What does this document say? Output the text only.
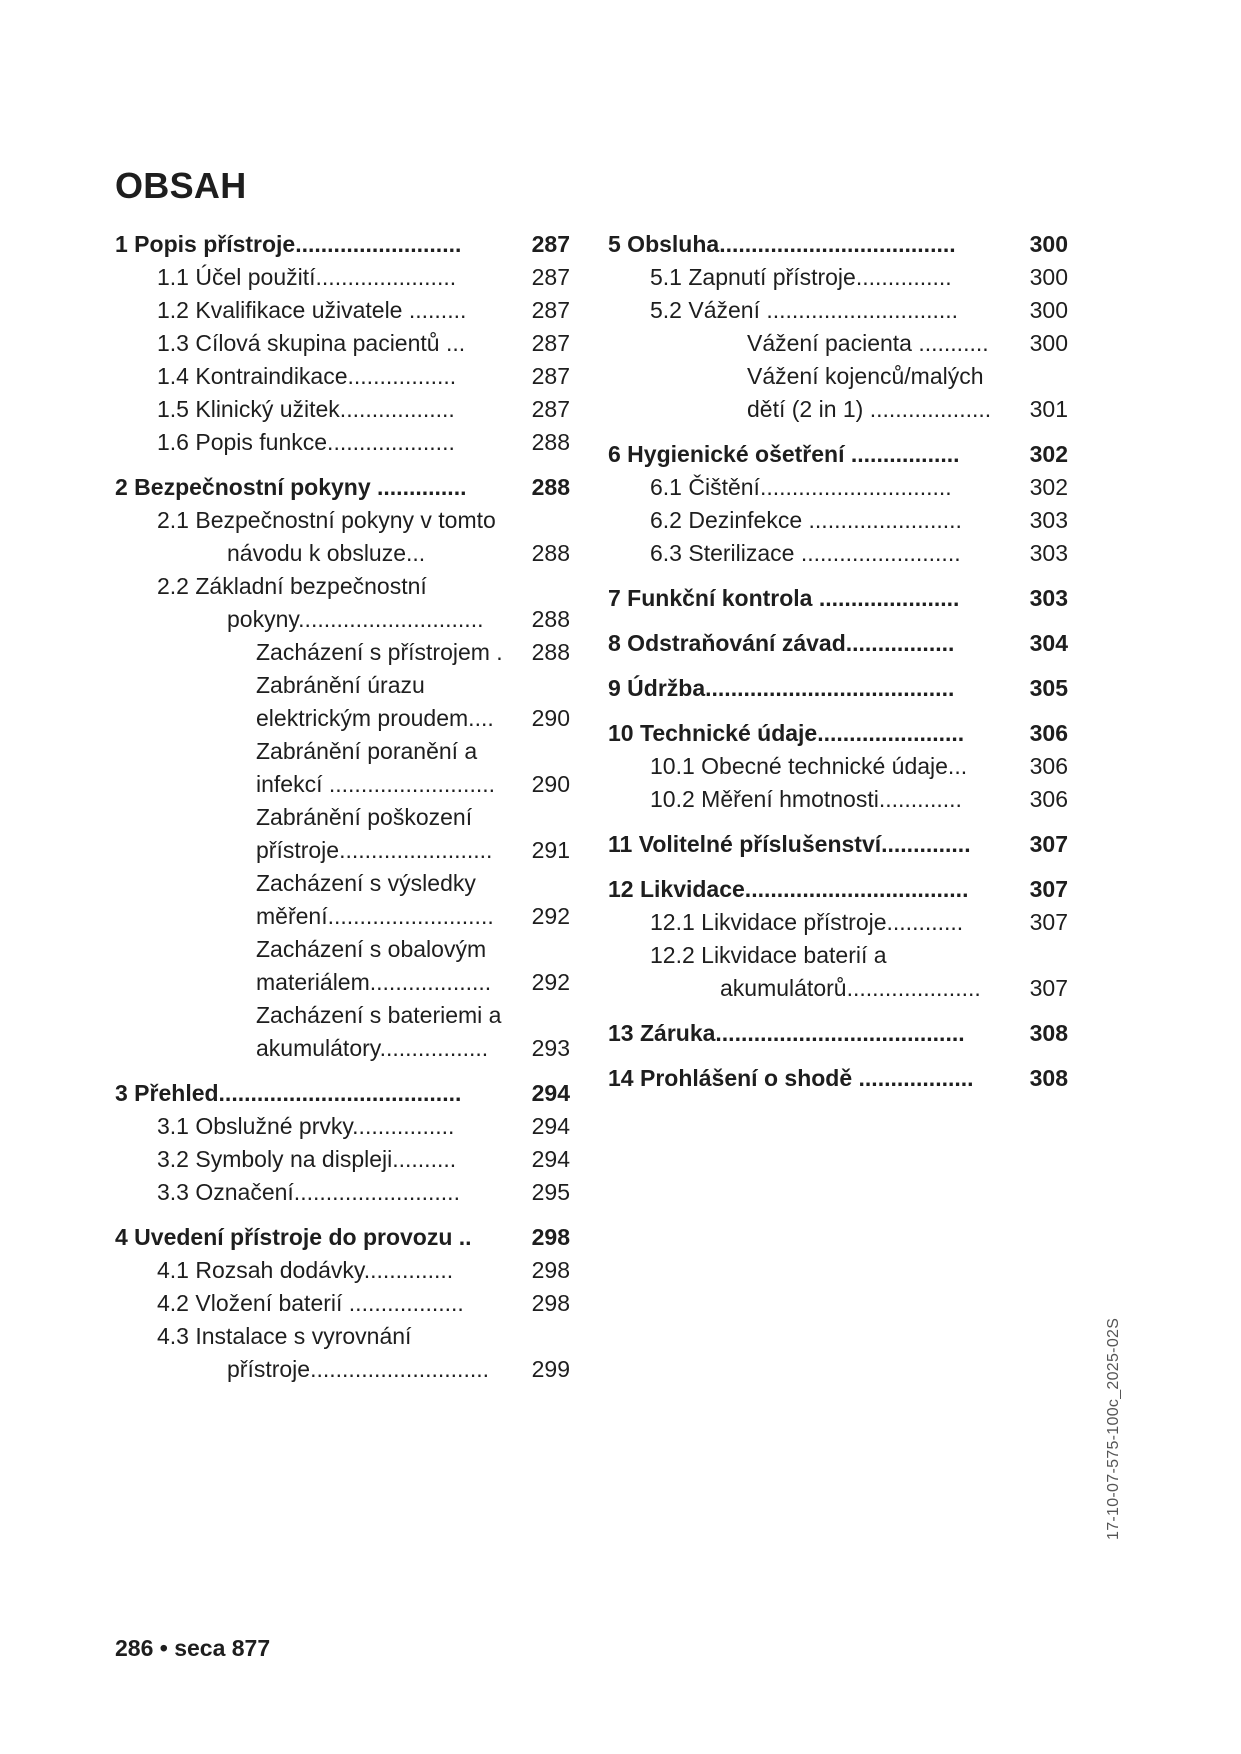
OBSAH
1 Popis přístroje..........................	287
1.1 Účel použití......................	287
1.2 Kvalifikace uživatele .........	287
1.3 Cílová skupina pacientů ...	287
1.4 Kontraindikace.................	287
1.5 Klinický užitek..................	287
1.6 Popis funkce....................	288
2 Bezpečnostní pokyny ..............	288
2.1 Bezpečnostní pokyny v tomto návodu k obsluze...	288
2.2 Základní bezpečnostní pokyny............................. 288
Zacházení s přístrojem . 288
Zabránění úrazu elektrickým proudem.... 290
Zabránění poranění a infekcí .......................... 290
Zabránění poškození přístroje........................ 291
Zacházení s výsledky měření.......................... 292
Zacházení s obalovým materiálem................... 292
Zacházení s bateriemi a akumulátory................. 293
3 Přehled......................................	294
3.1 Obslužné prvky................	294
3.2 Symboly na displeji..........	294
3.3 Označení..........................	295
4 Uvedení přístroje do provozu ..	298
4.1 Rozsah dodávky..............	298
4.2 Vložení baterií ..................	298
4.3 Instalace s vyrovnání přístroje............................ 299
5 Obsluha.....................................	300
5.1 Zapnutí přístroje...............	300
5.2 Vážení ..............................	300
Vážení pacienta ........... 300
Vážení kojenců/malých dětí (2 in 1) ................... 301
6 Hygienické ošetření .................	302
6.1 Čištění..............................	302
6.2 Dezinfekce ........................	303
6.3 Sterilizace .........................	303
7 Funkční kontrola ......................	303
8 Odstraňování závad.................	304
9 Údržba.......................................	305
10 Technické údaje.......................	306
10.1 Obecné technické údaje...	306
10.2 Měření hmotnosti.............	306
11 Volitelné příslušenství..............	307
12 Likvidace...................................	307
12.1 Likvidace přístroje............	307
12.2 Likvidace baterií a akumulátorů..................... 307
13 Záruka.......................................	308
14 Prohlášení o shodě .................. 308
17-10-07-575-100c_2025-02S
286 • seca 877
